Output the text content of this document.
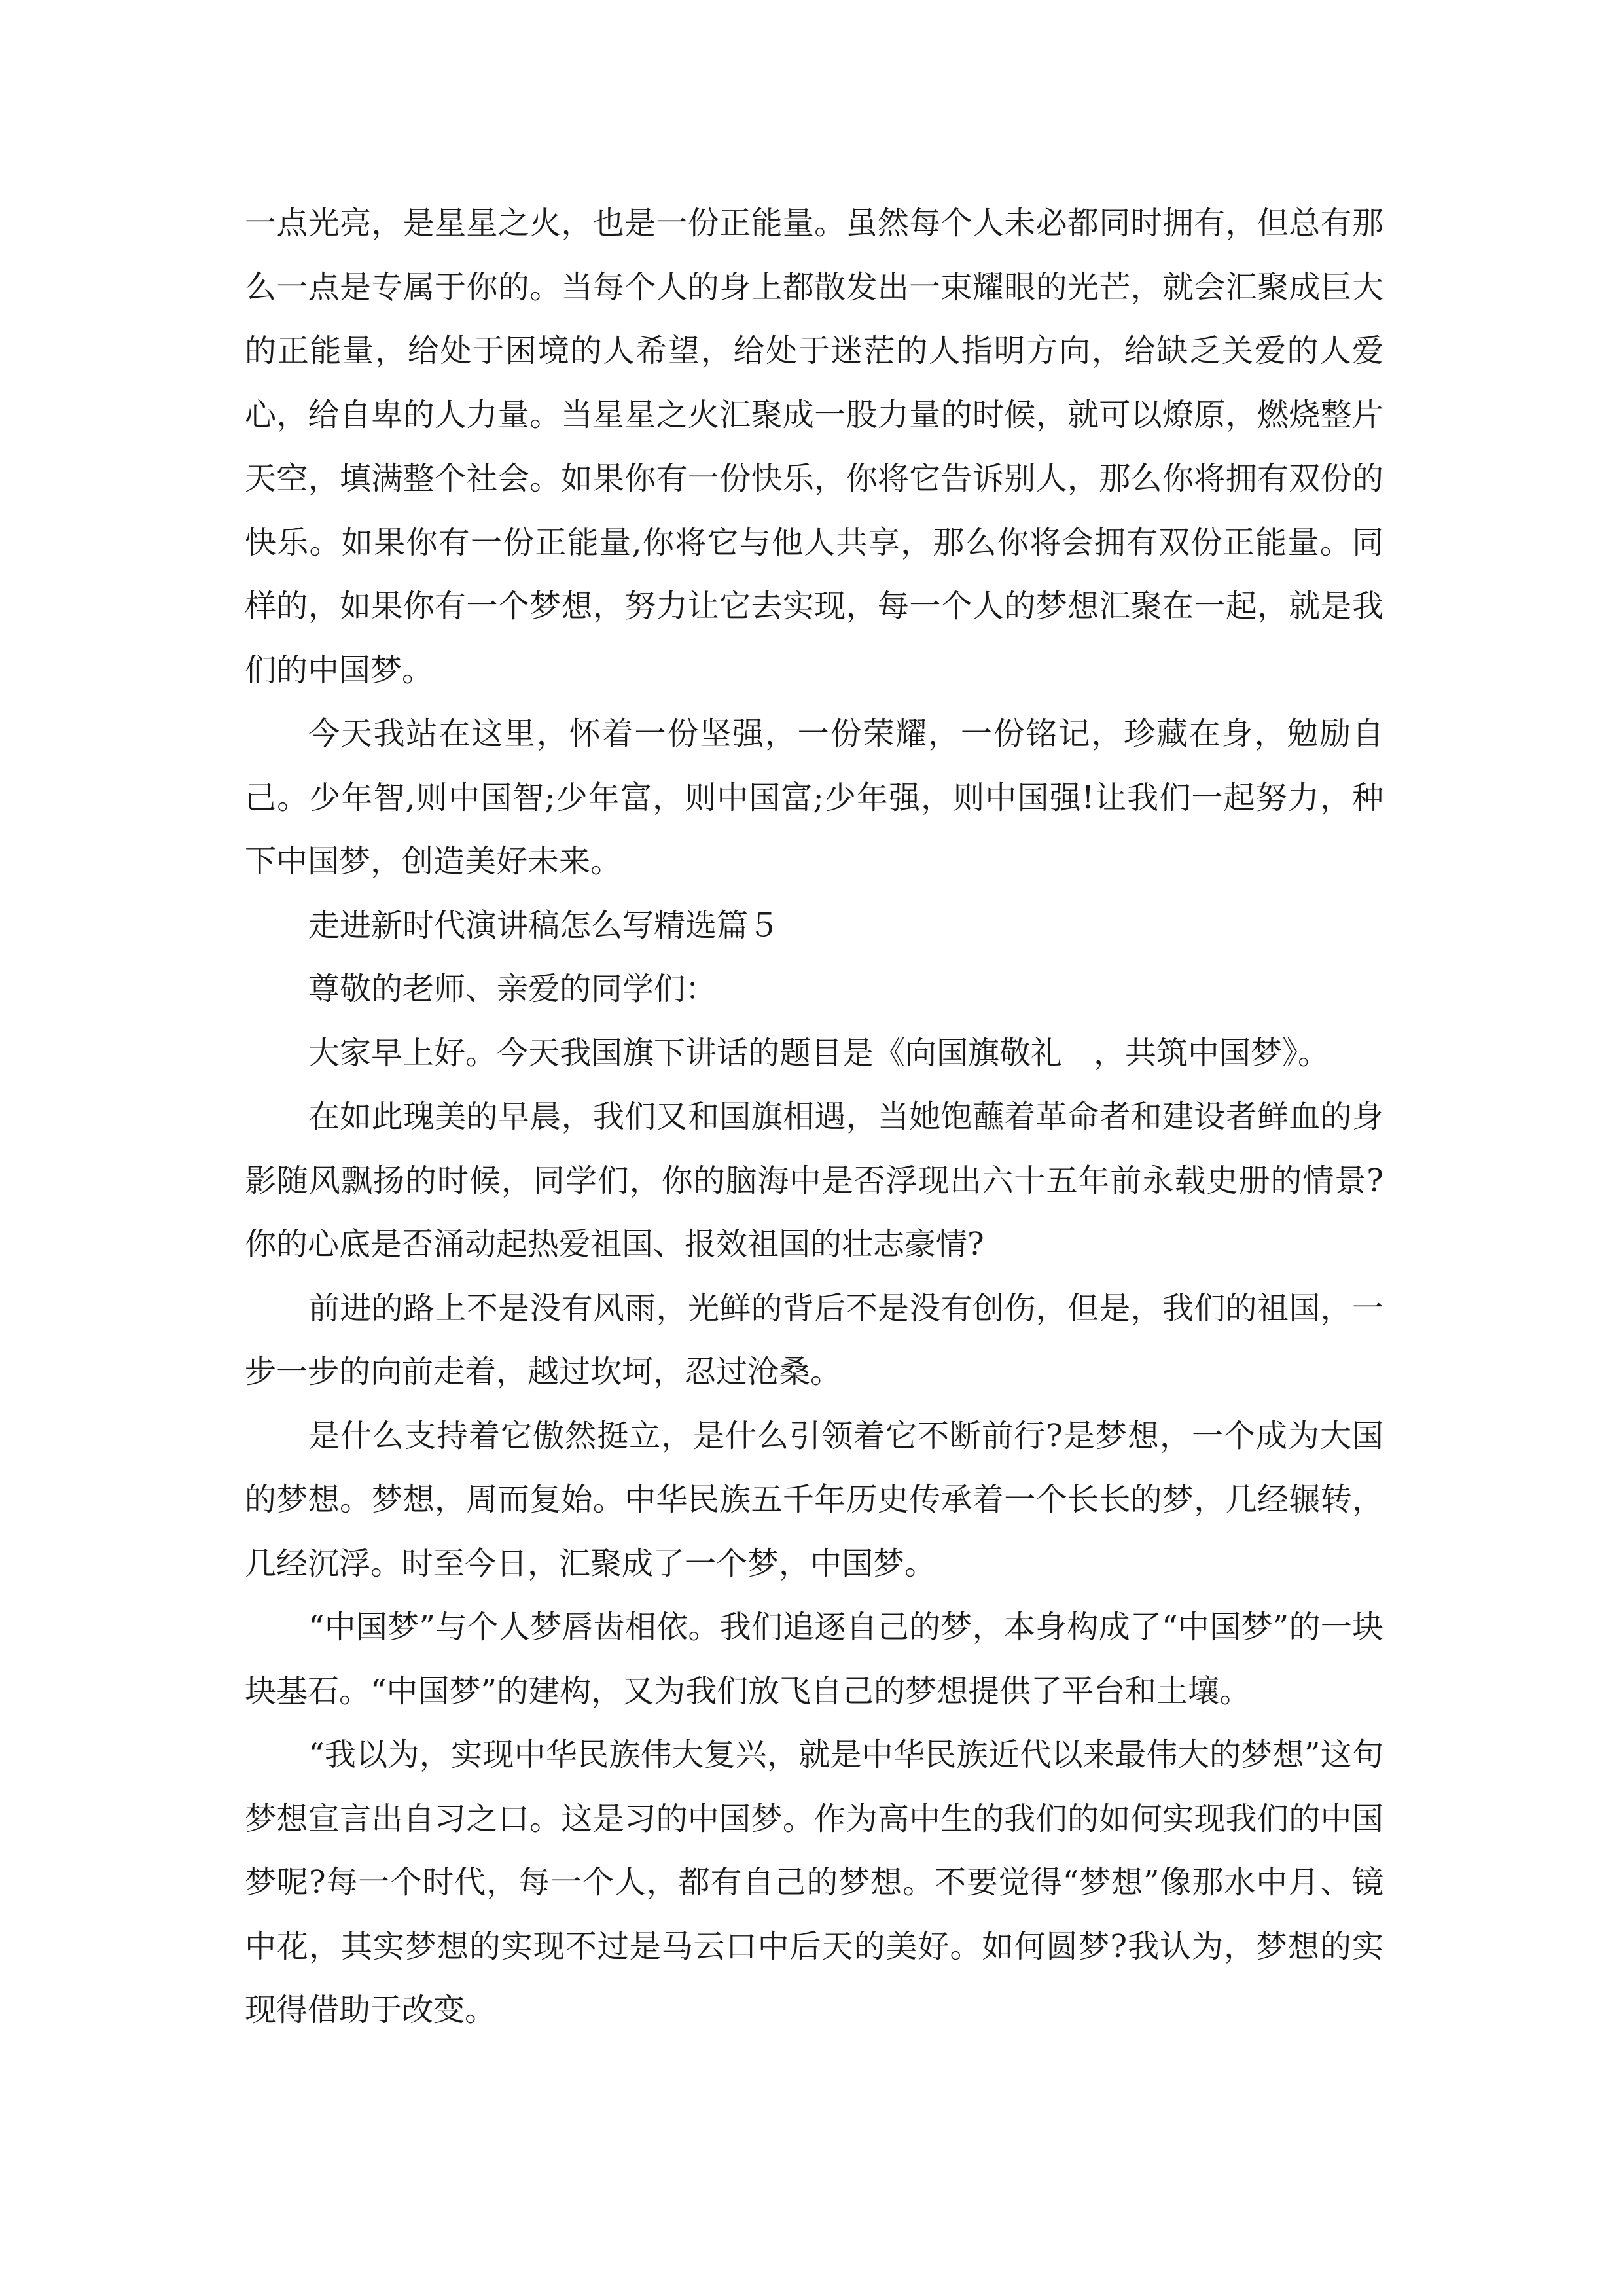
一点光亮，是星星之火，也是一份正能量。虽然每个人未必都同时拥有，但总有那么一点是专属于你的。当每个人的身上都散发出一束耀眼的光芒，就会汇聚成巨大的正能量，给处于困境的人希望，给处于迷茫的人指明方向，给缺乏关爱的人爱心，给自卑的人力量。当星星之火汇聚成一股力量的时候，就可以燎原，燃烧整片天空，填满整个社会。如果你有一份快乐，你将它告诉别人，那么你将拥有双份的快乐。如果你有一份正能量,你将它与他人共享，那么你将会拥有双份正能量。同样的，如果你有一个梦想，努力让它去实现，每一个人的梦想汇聚在一起，就是我们的中国梦。

今天我站在这里，怀着一份坚强，一份荣耀，一份铭记，珍藏在身，勉励自己。少年智,则中国智;少年富，则中国富;少年强，则中国强!让我们一起努力，种下中国梦，创造美好未来。

走进新时代演讲稿怎么写精选篇５

尊敬的老师、亲爱的同学们：

大家早上好。今天我国旗下讲话的题目是《向国旗敬礼　，共筑中国梦》。

在如此瑰美的早晨，我们又和国旗相遇，当她饱蘸着革命者和建设者鲜血的身影随风飘扬的时候，同学们，你的脑海中是否浮现出六十五年前永载史册的情景?你的心底是否涌动起热爱祖国、报效祖国的壮志豪情?

前进的路上不是没有风雨，光鲜的背后不是没有创伤，但是，我们的祖国，一步一步的向前走着，越过坎坷，忍过沧桑。

是什么支持着它傲然挺立，是什么引领着它不断前行?是梦想，一个成为大国的梦想。梦想，周而复始。中华民族五千年历史传承着一个长长的梦，几经辗转，几经沉浮。时至今日，汇聚成了一个梦，中国梦。

“中国梦”与个人梦唇齿相依。我们追逐自己的梦，本身构成了“中国梦”的一块块基石。“中国梦”的建构，又为我们放飞自己的梦想提供了平台和土壤。

“我以为，实现中华民族伟大复兴，就是中华民族近代以来最伟大的梦想”这句梦想宣言出自习之口。这是习的中国梦。作为高中生的我们的如何实现我们的中国梦呢?每一个时代，每一个人，都有自己的梦想。不要觉得“梦想”像那水中月、镜中花，其实梦想的实现不过是马云口中后天的美好。如何圆梦?我认为，梦想的实现得借助于改变。
